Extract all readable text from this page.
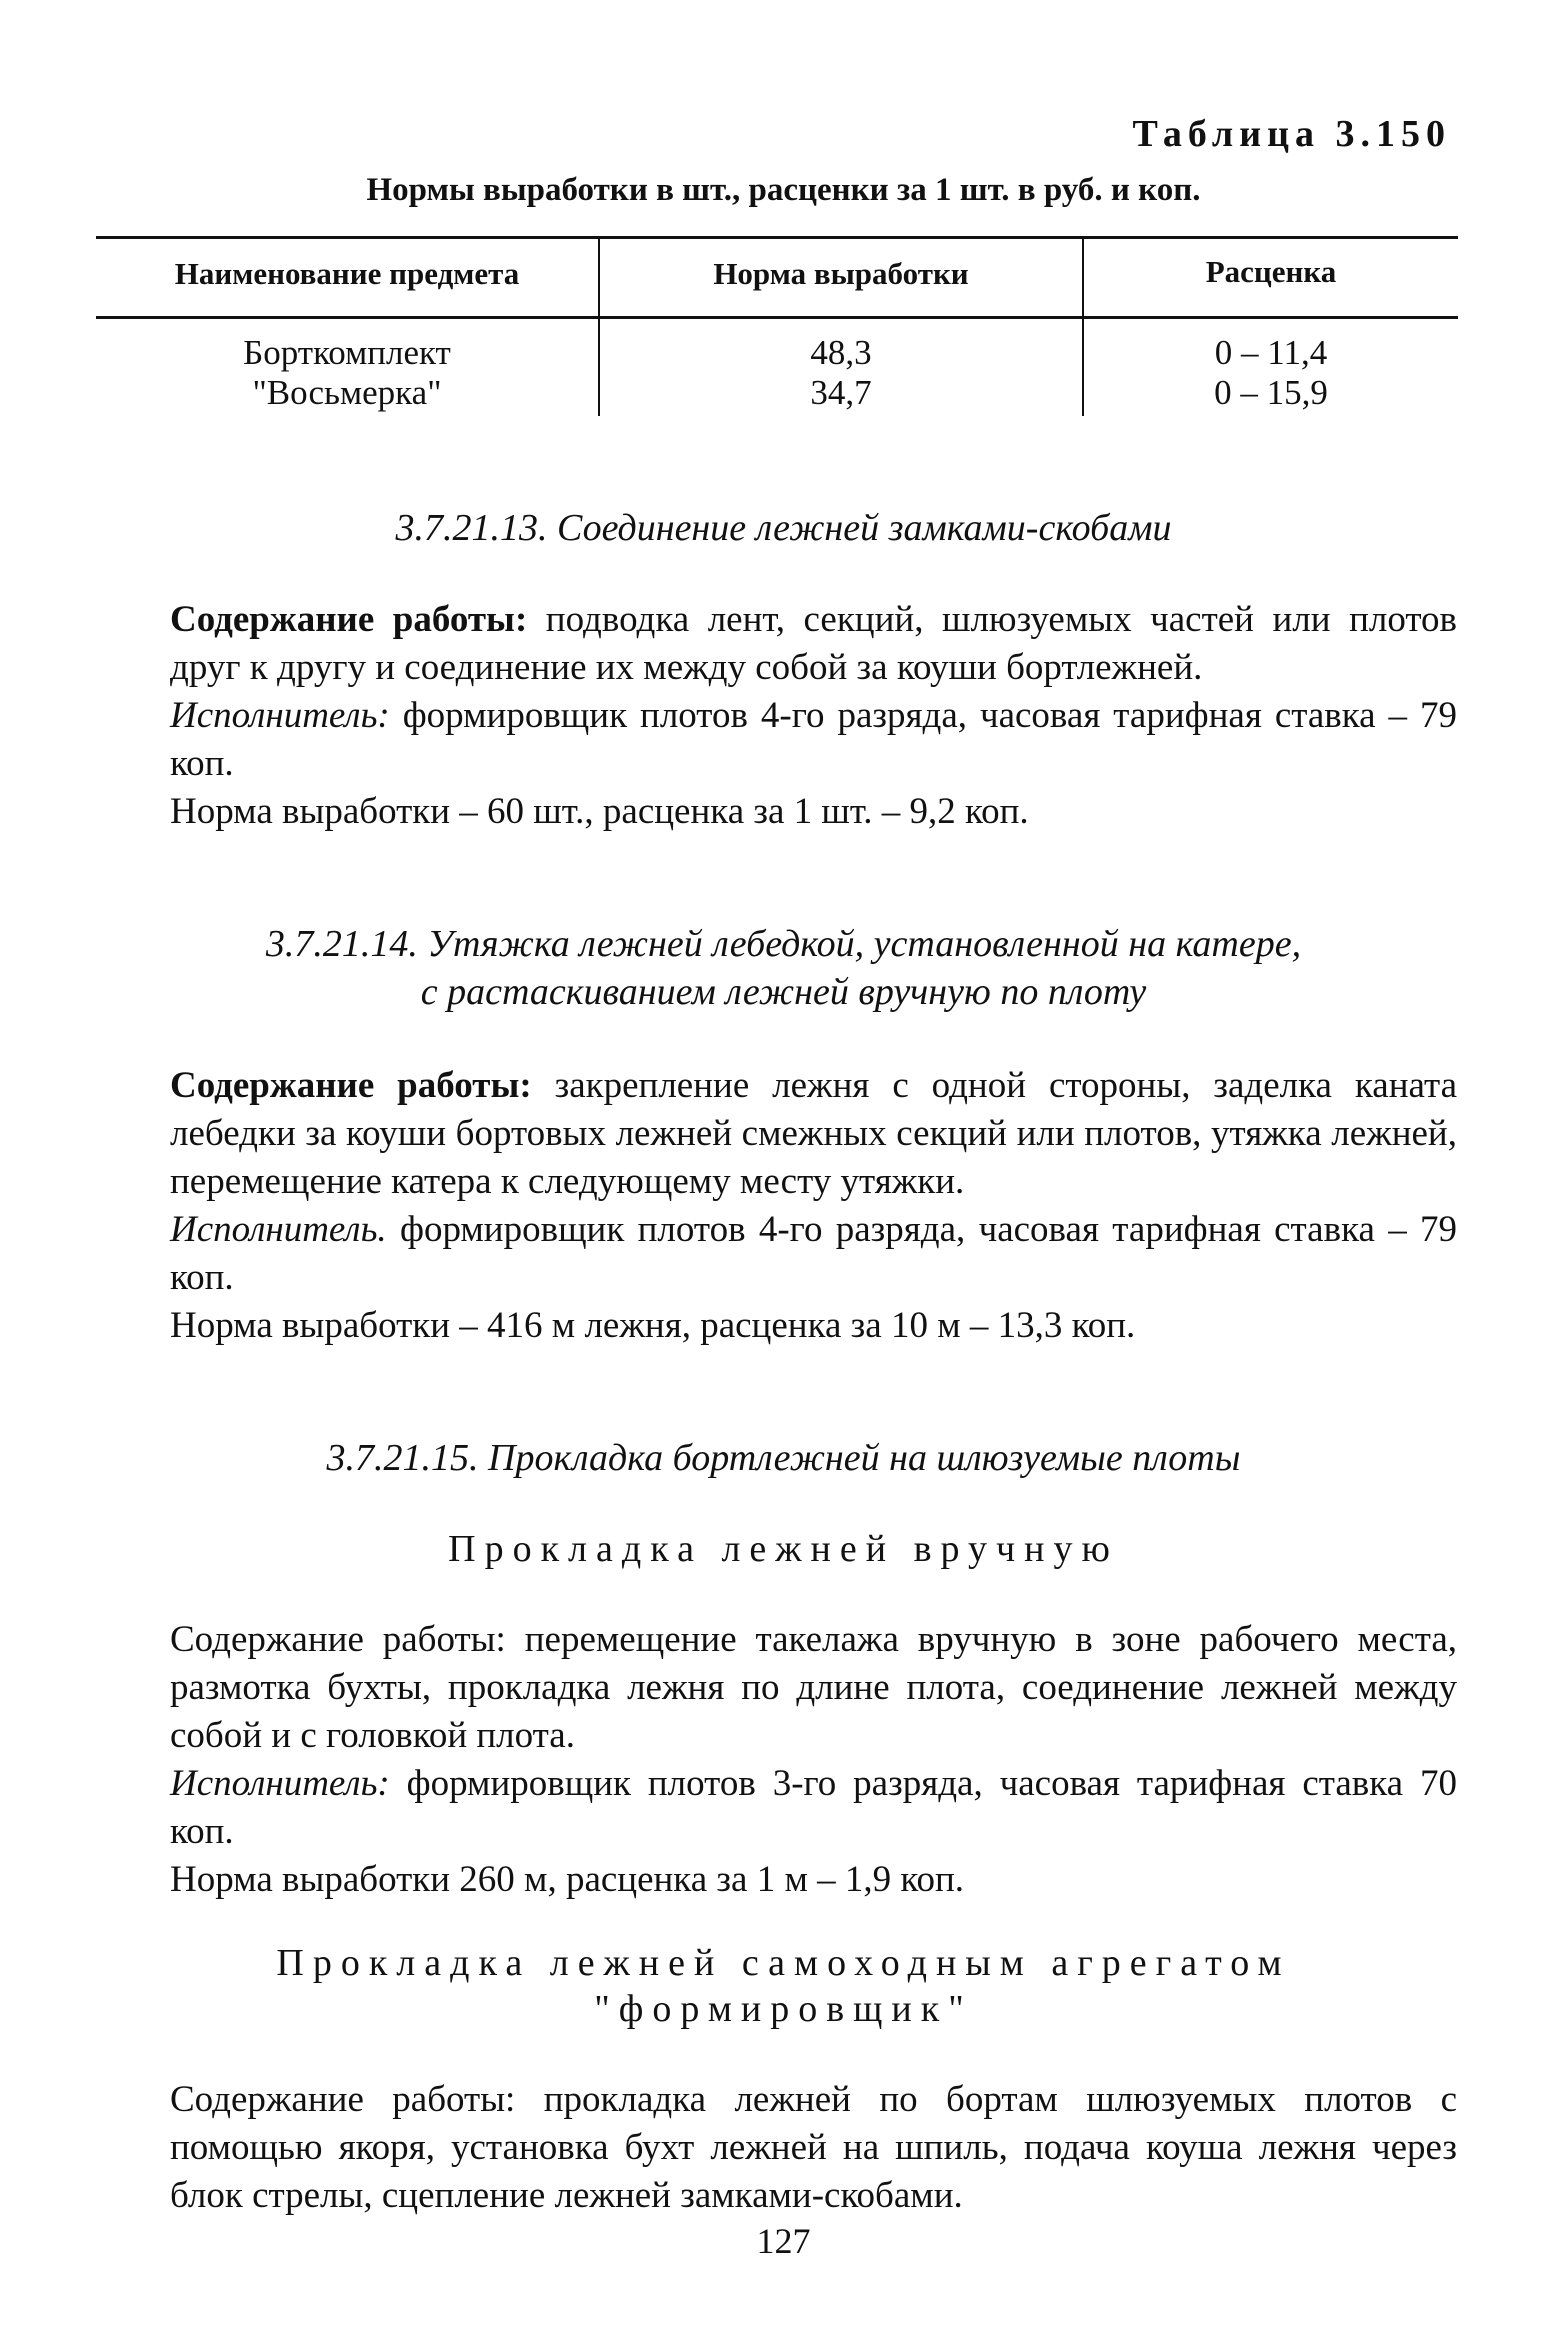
Таблица 3.150
Нормы выработки в шт., расценки за 1 шт. в руб. и коп.
Наименование предмета	Норма выработки	Расценка
Борткомплект	48,3	0 – 11,4
"Восьмерка"	34,7	0 – 15,9
3.7.21.13. Соединение лежней замками-скобами

Содержание работы: подводка лент, секций, шлюзуемых частей или плотов друг к другу и соединение их между собой за коуши бортлежней.

Исполнитель: формировщик плотов 4-го разряда, часовая тарифная ставка – 79 коп.

Норма выработки – 60 шт., расценка за 1 шт. – 9,2 коп.

3.7.21.14. Утяжка лежней лебедкой, установленной на катере,
с растаскиванием лежней вручную по плоту

Содержание работы: закрепление лежня с одной стороны, заделка каната лебедки за коуши бортовых лежней смежных секций или плотов, утяжка лежней, перемещение катера к следующему месту утяжки.

Исполнитель. формировщик плотов 4-го разряда, часовая тарифная ставка – 79 коп.

Норма выработки – 416 м лежня, расценка за 10 м – 13,3 коп.

3.7.21.15. Прокладка бортлежней на шлюзуемые плоты
Прокладка лежней вручную

Содержание работы: перемещение такелажа вручную в зоне рабочего места, размотка бухты, прокладка лежня по длине плота, соединение лежней между собой и с головкой плота.

Исполнитель: формировщик плотов 3-го разряда, часовая тарифная ставка 70 коп.

Норма выработки 260 м, расценка за 1 м – 1,9 коп.

Прокладка лежней самоходным агрегатом
"формировщик"

Содержание работы: прокладка лежней по бортам шлюзуемых плотов с помощью якоря, установка бухт лежней на шпиль, подача коуша лежня через блок стрелы, сцепление лежней замками-скобами.

127
